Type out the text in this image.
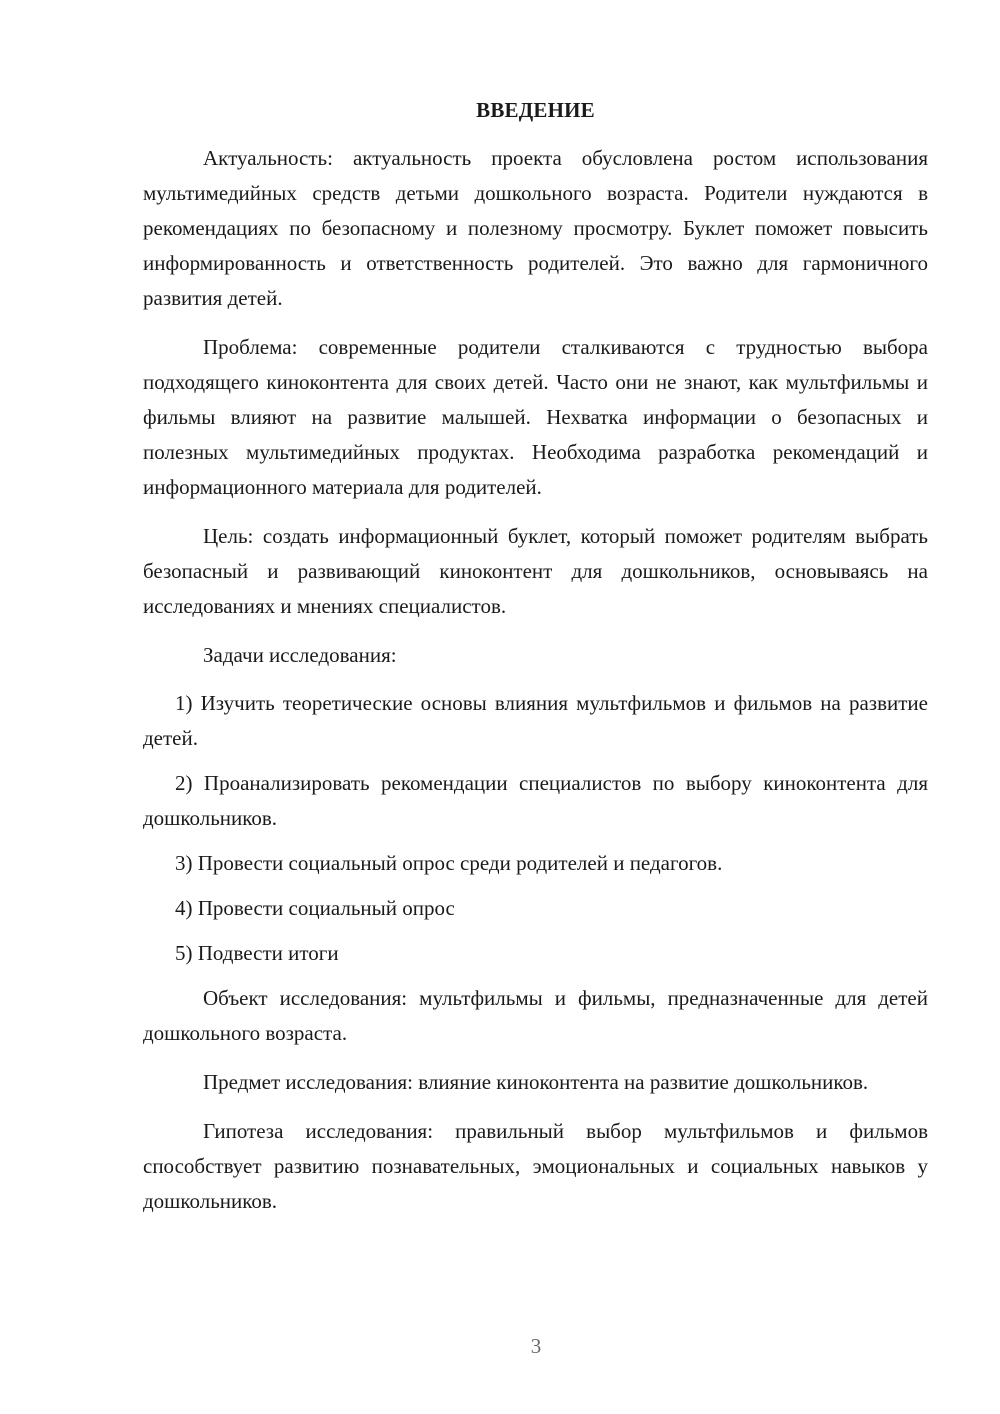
ВВЕДЕНИЕ

Актуальность: актуальность проекта обусловлена ростом использования мультимедийных средств детьми дошкольного возраста. Родители нуждаются в рекомендациях по безопасному и полезному просмотру. Буклет поможет повысить информированность и ответственность родителей. Это важно для гармоничного развития детей.

Проблема: современные родители сталкиваются с трудностью выбора подходящего киноконтента для своих детей. Часто они не знают, как мультфильмы и фильмы влияют на развитие малышей. Нехватка информации о безопасных и полезных мультимедийных продуктах. Необходима разработка рекомендаций и информационного материала для родителей.

Цель: создать информационный буклет, который поможет родителям выбрать безопасный и развивающий киноконтент для дошкольников, основываясь на исследованиях и мнениях специалистов.

Задачи исследования:

1) Изучить теоретические основы влияния мультфильмов и фильмов на развитие детей.

2) Проанализировать рекомендации специалистов по выбору киноконтента для дошкольников.

3) Провести социальный опрос среди родителей и педагогов.

4) Провести социальный опрос

5) Подвести итоги

Объект исследования: мультфильмы и фильмы, предназначенные для детей дошкольного возраста.

Предмет исследования: влияние киноконтента на развитие дошкольников.

Гипотеза исследования: правильный выбор мультфильмов и фильмов способствует развитию познавательных, эмоциональных и социальных навыков у дошкольников.

3
